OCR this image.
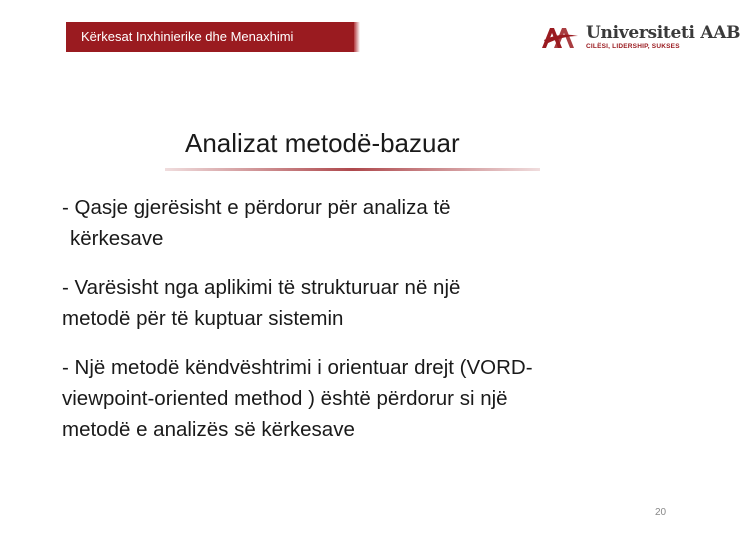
Kërkesat Inxhinierike dhe Menaxhimi	Universiteti AAB
CILËSI, LIDERSHIP, SUKSES
Analizat metodë-bazuar

- Qasje gjerësisht e përdorur për analiza të
kërkesave

- Varësisht nga aplikimi të strukturuar në një
metodë për të kuptuar sistemin

- Një metodë këndvështrimi i orientuar drejt (VORD-
viewpoint-oriented method ) është përdorur si një
metodë e analizës së kërkesave

20
